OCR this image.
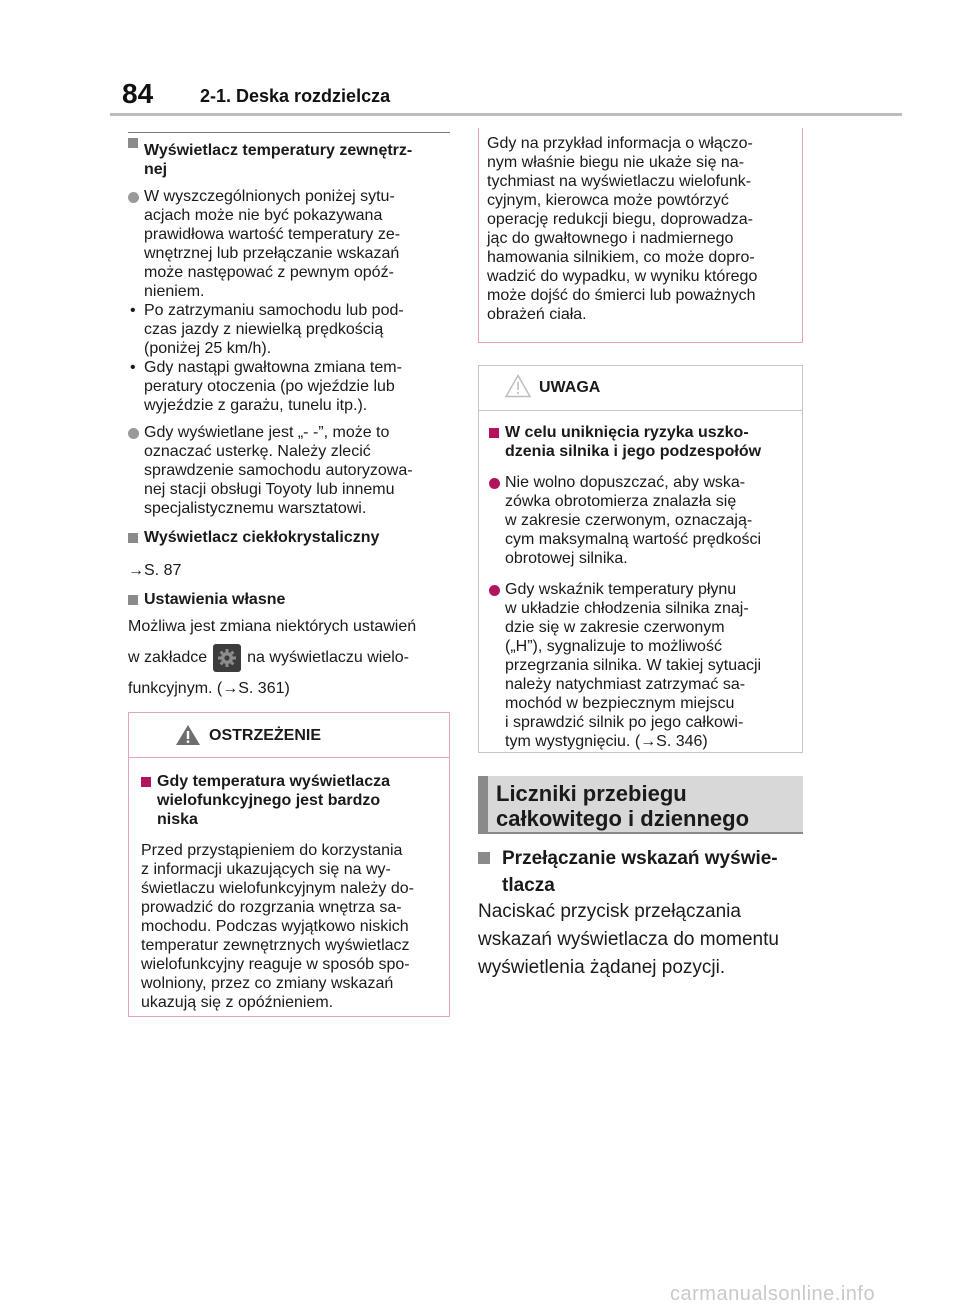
84	2-1. Deska rozdzielcza
Wyświetlacz temperatury zewnętrz-
nej
W wyszczególnionych poniżej sytu-
acjach może nie być pokazywana
prawidłowa wartość temperatury ze-
wnętrznej lub przełączanie wskazań
może następować z pewnym opóź-
nieniem.
• Po zatrzymaniu samochodu lub pod-
czas jazdy z niewielką prędkością
(poniżej 25 km/h).
• Gdy nastąpi gwałtowna zmiana tem-
peratury otoczenia (po wjeździe lub
wyjeździe z garażu, tunelu itp.).
Gdy wyświetlane jest „- -”, może to
oznaczać usterkę. Należy zlecić
sprawdzenie samochodu autoryzowa-
nej stacji obsługi Toyoty lub innemu
specjalistycznemu warsztatowi.
Wyświetlacz ciekłokrystaliczny
→S. 87
Ustawienia własne

Możliwa jest zmiana niektórych ustawień

w zakładce	na wyświetlaczu wielo-

funkcyjnym. (→S. 361)

OSTRZEŻENIE
Gdy temperatura wyświetlacza
wielofunkcyjnego jest bardzo
niska

Przed przystąpieniem do korzystania
z informacji ukazujących się na wy-
świetlaczu wielofunkcyjnym należy do-
prowadzić do rozgrzania wnętrza sa-
mochodu. Podczas wyjątkowo niskich
temperatur zewnętrznych wyświetlacz
wielofunkcyjny reaguje w sposób spo-
wolniony, przez co zmiany wskazań
ukazują się z opóźnieniem.

Gdy na przykład informacja o włączo-
nym właśnie biegu nie ukaże się na-
tychmiast na wyświetlaczu wielofunk-
cyjnym, kierowca może powtórzyć
operację redukcji biegu, doprowadza-
jąc do gwałtownego i nadmiernego
hamowania silnikiem, co może dopro-
wadzić do wypadku, w wyniku którego
może dojść do śmierci lub poważnych
obrażeń ciała.

UWAGA
W celu uniknięcia ryzyka uszko-
dzenia silnika i jego podzespołów
Nie wolno dopuszczać, aby wska-
zówka obrotomierza znalazła się
w zakresie czerwonym, oznaczają-
cym maksymalną wartość prędkości
obrotowej silnika.
Gdy wskaźnik temperatury płynu
w układzie chłodzenia silnika znaj-
dzie się w zakresie czerwonym
(„H”), sygnalizuje to możliwość
przegrzania silnika. W takiej sytuacji
należy natychmiast zatrzymać sa-
mochód w bezpiecznym miejscu
i sprawdzić silnik po jego całkowi-
tym wystygnięciu. (→S. 346)
Liczniki przebiegu
całkowitego i dziennego
Przełączanie wskazań wyświe-
tlacza

Naciskać przycisk przełączania
wskazań wyświetlacza do momentu
wyświetlenia żądanej pozycji.

carmanualsonline.info
